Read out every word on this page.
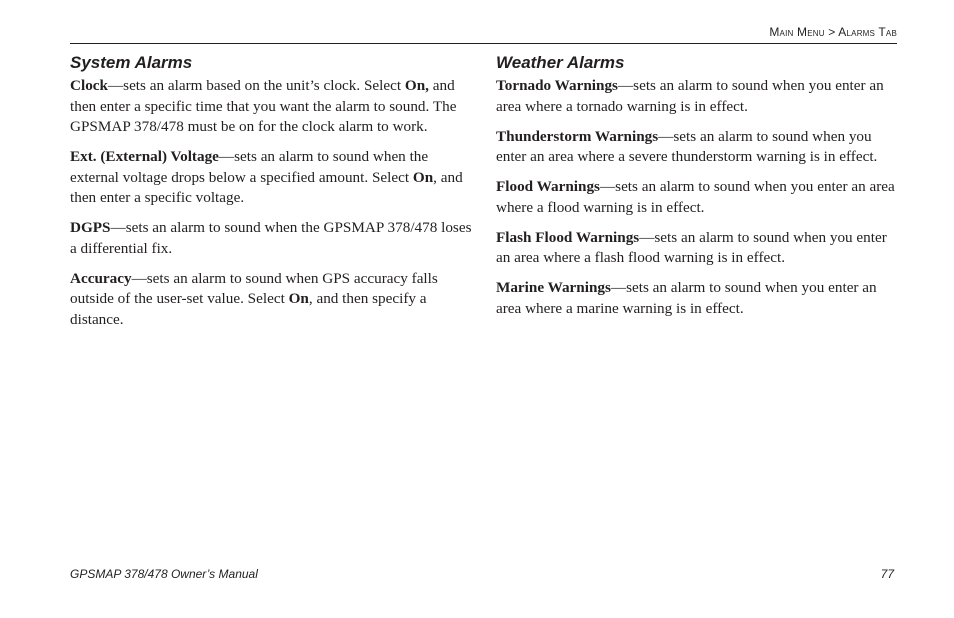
Main Menu > Alarms Tab
System Alarms

Clock—sets an alarm based on the unit’s clock. Select On, and then enter a specific time that you want the alarm to sound. The GPSMAP 378/478 must be on for the clock alarm to work.

Ext. (External) Voltage—sets an alarm to sound when the external voltage drops below a specified amount. Select On, and then enter a specific voltage.

DGPS—sets an alarm to sound when the GPSMAP 378/478 loses a differential fix.

Accuracy—sets an alarm to sound when GPS accuracy falls outside of the user-set value. Select On, and then specify a distance.

Weather Alarms

Tornado Warnings—sets an alarm to sound when you enter an area where a tornado warning is in effect.

Thunderstorm Warnings—sets an alarm to sound when you enter an area where a severe thunderstorm warning is in effect.

Flood Warnings—sets an alarm to sound when you enter an area where a flood warning is in effect.

Flash Flood Warnings—sets an alarm to sound when you enter an area where a flash flood warning is in effect.

Marine Warnings—sets an alarm to sound when you enter an area where a marine warning is in effect.

GPSMAP 378/478 Owner’s Manual	77
